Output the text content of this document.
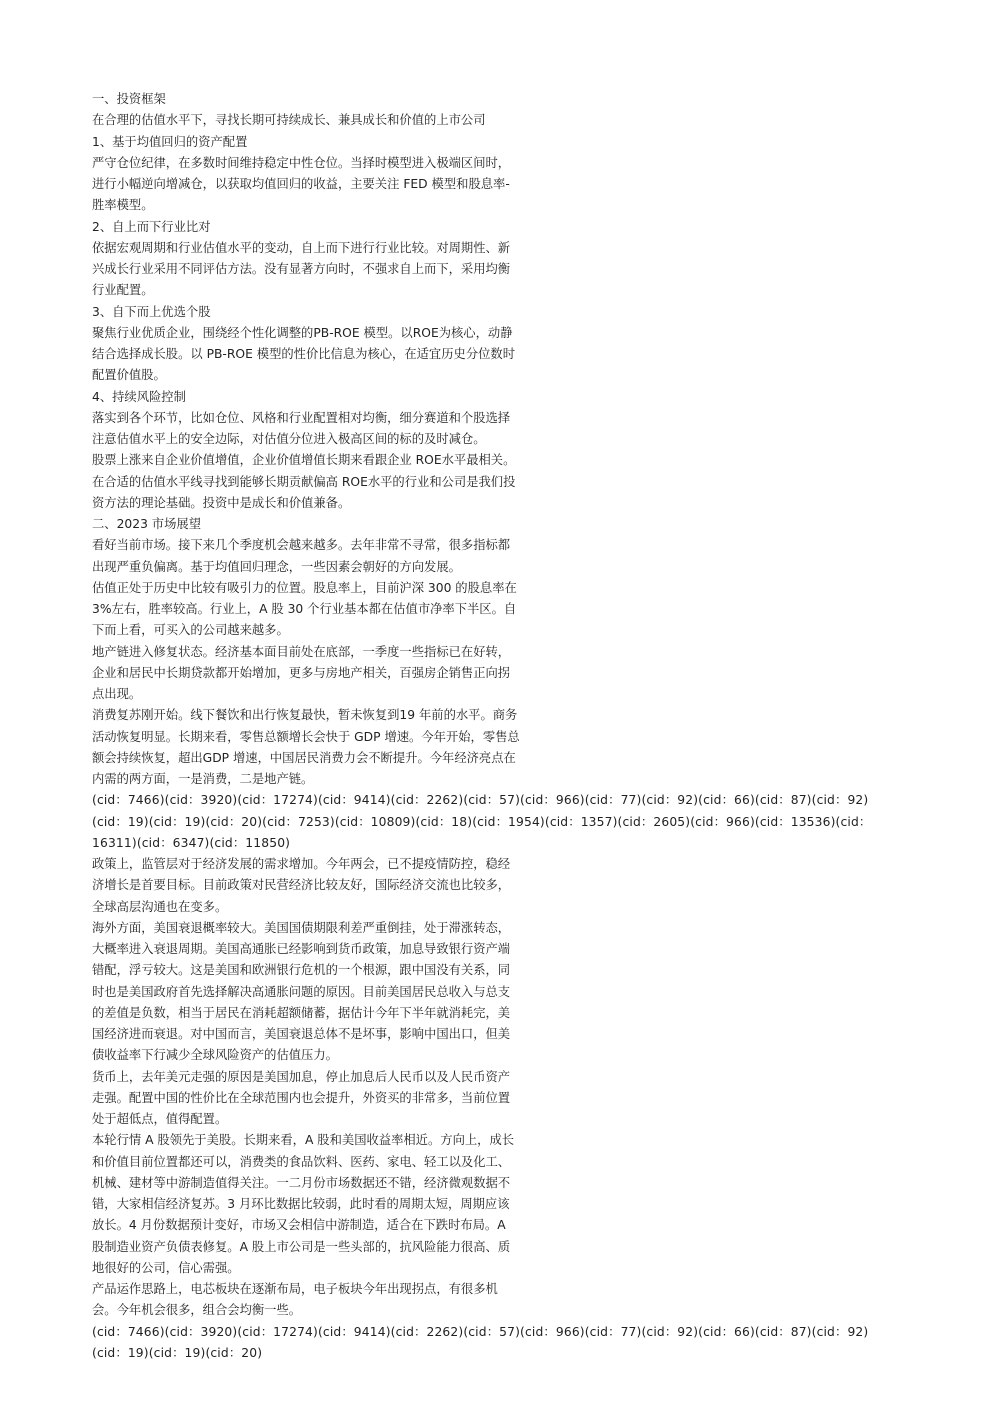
一、投资框架
在合理的估值水平下，寻找长期可持续成长、兼具成长和价值的上市公司
1、基于均值回归的资产配置
严守仓位纪律，在多数时间维持稳定中性仓位。当择时模型进入极端区间时，
进行小幅逆向增减仓，以获取均值回归的收益，主要关注 FED 模型和股息率-
胜率模型。
2、自上而下行业比对
依据宏观周期和行业估值水平的变动，自上而下进行行业比较。对周期性、新
兴成长行业采用不同评估方法。没有显著方向时，不强求自上而下，采用均衡
行业配置。
3、自下而上优选个股
聚焦行业优质企业，围绕经个性化调整的PB-ROE 模型。以ROE为核心，动静
结合选择成长股。以 PB-ROE 模型的性价比信息为核心，在适宜历史分位数时
配置价值股。
4、持续风险控制
落实到各个环节，比如仓位、风格和行业配置相对均衡，细分赛道和个股选择
注意估值水平上的安全边际，对估值分位进入极高区间的标的及时减仓。
股票上涨来自企业价值增值，企业价值增值长期来看跟企业 ROE水平最相关。
在合适的估值水平线寻找到能够长期贡献偏高 ROE水平的行业和公司是我们投
资方法的理论基础。投资中是成长和价值兼备。
二、2023 市场展望
看好当前市场。接下来几个季度机会越来越多。去年非常不寻常，很多指标都
出现严重负偏离。基于均值回归理念，一些因素会朝好的方向发展。
估值正处于历史中比较有吸引力的位置。股息率上，目前沪深 300 的股息率在
3%左右，胜率较高。行业上，A 股 30 个行业基本都在估值市净率下半区。自
下而上看，可买入的公司越来越多。
地产链进入修复状态。经济基本面目前处在底部，一季度一些指标已在好转，
企业和居民中长期贷款都开始增加，更多与房地产相关，百强房企销售正向拐
点出现。
消费复苏刚开始。线下餐饮和出行恢复最快，暂未恢复到19 年前的水平。商务
活动恢复明显。长期来看，零售总额增长会快于 GDP 增速。今年开始，零售总
额会持续恢复，超出GDP 增速，中国居民消费力会不断提升。今年经济亮点在
内需的两方面，一是消费，二是地产链。
(cid：7466)(cid：3920)(cid：17274)(cid：9414)(cid：2262)(cid：57)(cid：966)(cid：77)(cid：92)(cid：66)(cid：87)(cid：92)
(cid：19)(cid：19)(cid：20)(cid：7253)(cid：10809)(cid：18)(cid：1954)(cid：1357)(cid：2605)(cid：966)(cid：13536)(cid：
16311)(cid：6347)(cid：11850)
政策上，监管层对于经济发展的需求增加。今年两会，已不提疫情防控，稳经
济增长是首要目标。目前政策对民营经济比较友好，国际经济交流也比较多，
全球高层沟通也在变多。
海外方面，美国衰退概率较大。美国国债期限利差严重倒挂，处于滞涨转态，
大概率进入衰退周期。美国高通胀已经影响到货币政策，加息导致银行资产端
错配，浮亏较大。这是美国和欧洲银行危机的一个根源，跟中国没有关系，同
时也是美国政府首先选择解决高通胀问题的原因。目前美国居民总收入与总支
的差值是负数，相当于居民在消耗超额储蓄，据估计今年下半年就消耗完，美
国经济进而衰退。对中国而言，美国衰退总体不是坏事，影响中国出口，但美
债收益率下行减少全球风险资产的估值压力。
货币上，去年美元走强的原因是美国加息，停止加息后人民币以及人民币资产
走强。配置中国的性价比在全球范围内也会提升，外资买的非常多，当前位置
处于超低点，值得配置。
本轮行情 A 股领先于美股。长期来看，A 股和美国收益率相近。方向上，成长
和价值目前位置都还可以，消费类的食品饮料、医药、家电、轻工以及化工、
机械、建材等中游制造值得关注。一二月份市场数据还不错，经济微观数据不
错，大家相信经济复苏。3 月环比数据比较弱，此时看的周期太短，周期应该
放长。4 月份数据预计变好，市场又会相信中游制造，适合在下跌时布局。A
股制造业资产负债表修复。A 股上市公司是一些头部的，抗风险能力很高、质
地很好的公司，信心需强。
产品运作思路上，电芯板块在逐渐布局，电子板块今年出现拐点，有很多机
会。今年机会很多，组合会均衡一些。
(cid：7466)(cid：3920)(cid：17274)(cid：9414)(cid：2262)(cid：57)(cid：966)(cid：77)(cid：92)(cid：66)(cid：87)(cid：92)
(cid：19)(cid：19)(cid：20)
